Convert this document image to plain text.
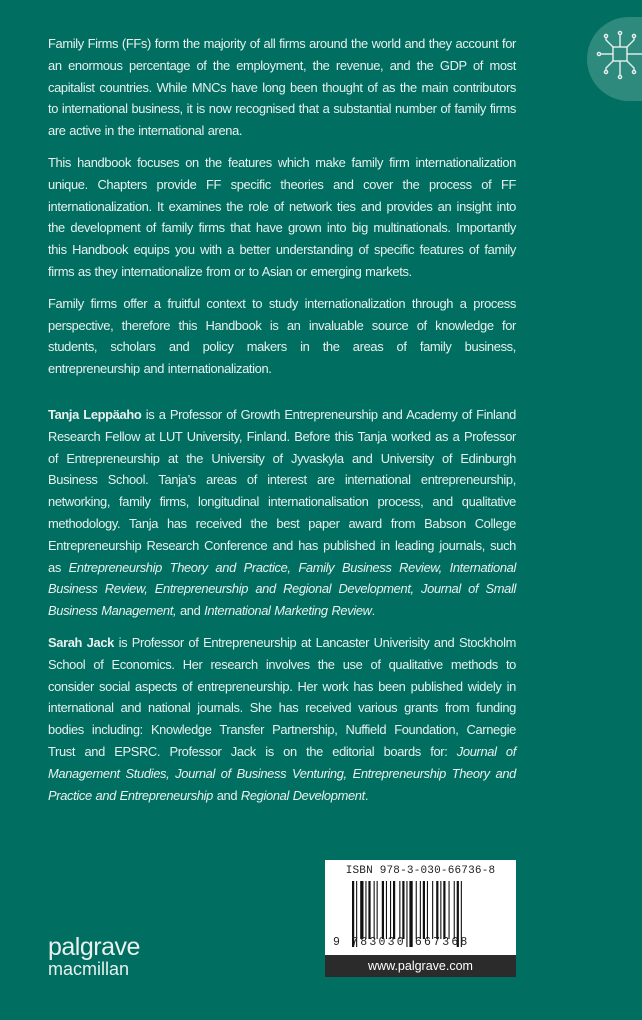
Family Firms (FFs) form the majority of all firms around the world and they account for an enormous percentage of the employment, the revenue, and the GDP of most capitalist countries. While MNCs have long been thought of as the main contributors to international business, it is now recognised that a substantial number of family firms are active in the international arena.

This handbook focuses on the features which make family firm internationalization unique. Chapters provide FF specific theories and cover the process of FF internationalization. It examines the role of network ties and provides an insight into the development of family firms that have grown into big multinationals. Importantly this Handbook equips you with a better understanding of specific features of family firms as they internationalize from or to Asian or emerging markets.

Family firms offer a fruitful context to study internationalization through a process perspective, therefore this Handbook is an invaluable source of knowledge for students, scholars and policy makers in the areas of family business, entrepreneurship and internationalization.

Tanja Leppäaho is a Professor of Growth Entrepreneurship and Academy of Finland Research Fellow at LUT University, Finland. Before this Tanja worked as a Professor of Entrepreneurship at the University of Jyvaskyla and University of Edinburgh Business School. Tanja’s areas of interest are international entrepreneurship, networking, family firms, longitudinal internationalisation process, and qualitative methodology. Tanja has received the best paper award from Babson College Entrepreneurship Research Conference and has published in leading journals, such as Entrepreneurship Theory and Practice, Family Business Review, International Business Review, Entrepreneurship and Regional Development, Journal of Small Business Management, and International Marketing Review.

Sarah Jack is Professor of Entrepreneurship at Lancaster Univerisity and Stockholm School of Economics. Her research involves the use of qualitative methods to consider social aspects of entrepreneurship. Her work has been published widely in international and national journals. She has received various grants from funding bodies including: Knowledge Transfer Partnership, Nuffield Foundation, Carnegie Trust and EPSRC. Professor Jack is on the editorial boards for: Journal of Management Studies, Journal of Business Venturing, Entrepreneurship Theory and Practice and Entrepreneurship and Regional Development.

palgrave
macmillan
ISBN 978-3-030-66736-8
9 783030 667368
www.palgrave.com
